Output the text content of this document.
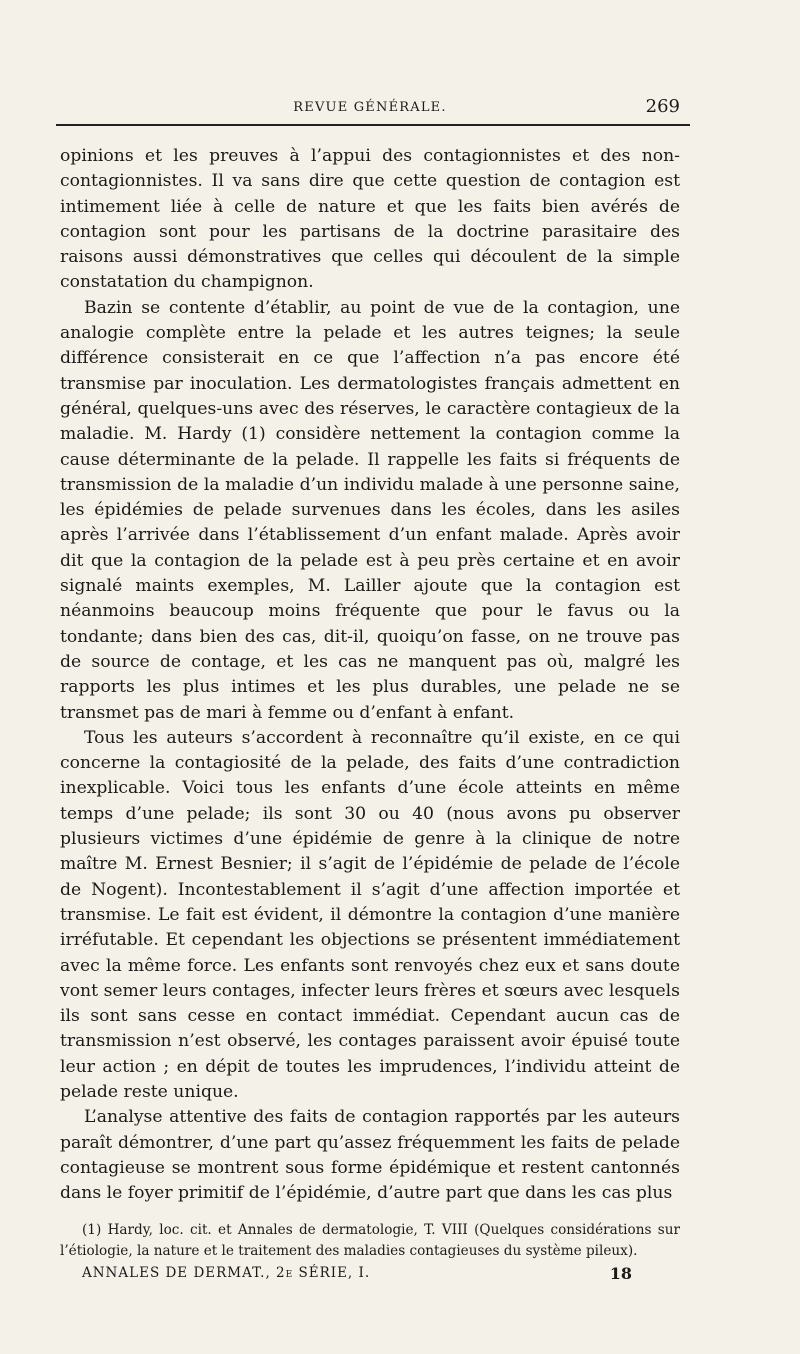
REVUE GÉNÉRALE.	269

opinions et les preuves à l’appui des contagionnistes et des non-contagionnistes. Il va sans dire que cette question de contagion est intimement liée à celle de nature et que les faits bien avérés de contagion sont pour les partisans de la doctrine parasitaire des raisons aussi démonstratives que celles qui découlent de la simple constatation du champignon.

Bazin se contente d’établir, au point de vue de la contagion, une analogie complète entre la pelade et les autres teignes; la seule différence consisterait en ce que l’affection n’a pas encore été transmise par inoculation. Les dermatologistes français admettent en général, quelques-uns avec des réserves, le caractère contagieux de la maladie. M. Hardy (1) considère nettement la contagion comme la cause déterminante de la pelade. Il rappelle les faits si fréquents de transmission de la maladie d’un individu malade à une personne saine, les épidémies de pelade survenues dans les écoles, dans les asiles après l’arrivée dans l’établissement d’un enfant malade. Après avoir dit que la contagion de la pelade est à peu près certaine et en avoir signalé maints exemples, M. Lailler ajoute que la contagion est néanmoins beaucoup moins fréquente que pour le favus ou la tondante; dans bien des cas, dit-il, quoiqu’on fasse, on ne trouve pas de source de contage, et les cas ne manquent pas où, malgré les rapports les plus intimes et les plus durables, une pelade ne se transmet pas de mari à femme ou d’enfant à enfant.

Tous les auteurs s’accordent à reconnaître qu’il existe, en ce qui concerne la contagiosité de la pelade, des faits d’une contradiction inexplicable. Voici tous les enfants d’une école atteints en même temps d’une pelade; ils sont 30 ou 40 (nous avons pu observer plusieurs victimes d’une épidémie de genre à la clinique de notre maître M. Ernest Besnier; il s’agit de l’épidémie de pelade de l’école de Nogent). Incontestablement il s’agit d’une affection importée et transmise. Le fait est évident, il démontre la contagion d’une manière irréfutable. Et cependant les objections se présentent immédiatement avec la même force. Les enfants sont renvoyés chez eux et sans doute vont semer leurs contages, infecter leurs frères et sœurs avec lesquels ils sont sans cesse en contact immédiat. Cependant aucun cas de transmission n’est observé, les contages paraissent avoir épuisé toute leur action ; en dépit de toutes les imprudences, l’individu atteint de pelade reste unique.

L’analyse attentive des faits de contagion rapportés par les auteurs paraît démontrer, d’une part qu’assez fréquemment les faits de pelade contagieuse se montrent sous forme épidémique et restent cantonnés dans le foyer primitif de l’épidémie, d’autre part que dans les cas plus

(1) Hardy, loc. cit. et Annales de dermatologie, T. VIII (Quelques considérations sur l’étiologie, la nature et le traitement des maladies contagieuses du système pileux).
ANNALES DE DERMAT., 2e SÉRIE, I.	18
